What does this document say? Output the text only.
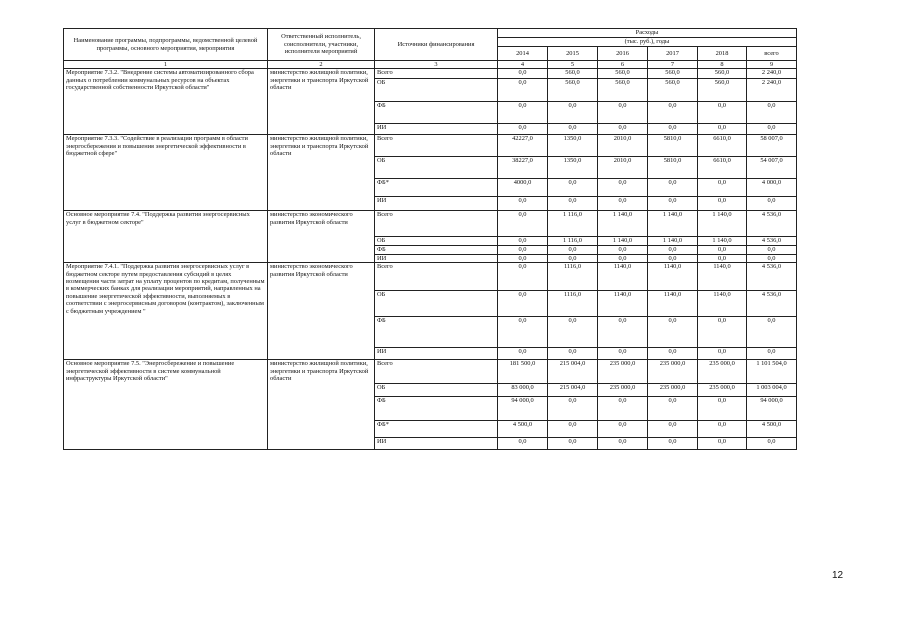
Наименование программы, подпрограммы, ведомственной целевой программы, основного мероприятия, мероприятия	Ответственный исполнитель, соисполнители, участники, исполнители мероприятий	Источники финансирования	Расходы					
			(тыс. руб.), годы					
			2014	2015	2016	2017	2018	всего
1	2	3	4	5	6	7	8	9
Мероприятие 7.3.2. "Внедрение системы автоматизированного сбора данных о потреблении коммунальных ресурсов на объектах государственной собственности Иркутской области"	министерство жилищной политики, энергетики и транспорта Иркутской области	Всего	0,0	560,0	560,0	560,0	560,0	2 240,0
		ОБ	0,0	560,0	560,0	560,0	560,0	2 240,0
		ФБ	0,0	0,0	0,0	0,0	0,0	0,0
		ИИ	0,0	0,0	0,0	0,0	0,0	0,0
Мероприятие 7.3.3. "Содействие в реализации программ в области энергосбережения и повышения энергетической эффективности в бюджетной сфере"	министерство жилищной политики, энергетики и транспорта Иркутской области	Всего	42227,0	1350,0	2010,0	5810,0	6610,0	58 007,0
		ОБ	38227,0	1350,0	2010,0	5810,0	6610,0	54 007,0
		ФБ*	4000,0	0,0	0,0	0,0	0,0	4 000,0
		ИИ	0,0	0,0	0,0	0,0	0,0	0,0
Основное мероприятие 7.4. "Поддержка развития энергосервисных услуг в бюджетном секторе"	министерство экономического развития Иркутской области	Всего	0,0	1 116,0	1 140,0	1 140,0	1 140,0	4 536,0
		ОБ	0,0	1 116,0	1 140,0	1 140,0	1 140,0	4 536,0
		ФБ	0,0	0,0	0,0	0,0	0,0	0,0
		ИИ	0,0	0,0	0,0	0,0	0,0	0,0
Мероприятие 7.4.1. "Поддержка развития энергосервисных услуг в бюджетном секторе путем предоставления субсидий в целях возмещения части затрат на уплату процентов по кредитам, полученным в коммерческих банках для реализации мероприятий, направленных на повышение энергетической эффективности, выполняемых в соответствии с энергосервисным договором (контрактом), заключенным с бюджетным учреждением "	министерство экономического развития Иркутской области	Всего	0,0	1116,0	1140,0	1140,0	1140,0	4 536,0
		ОБ	0,0	1116,0	1140,0	1140,0	1140,0	4 536,0
		ФБ	0,0	0,0	0,0	0,0	0,0	0,0
		ИИ	0,0	0,0	0,0	0,0	0,0	0,0
Основное мероприятие 7.5. "Энергосбережение и повышение энергетической эффективности в системе коммунальной инфраструктуры Иркутской области"	министерство жилищной политики, энергетики и транспорта Иркутской области	Всего	181 500,0	215 004,0	235 000,0	235 000,0	235 000,0	1 101 504,0
		ОБ	83 000,0	215 004,0	235 000,0	235 000,0	235 000,0	1 003 004,0
		ФБ	94 000,0	0,0	0,0	0,0	0,0	94 000,0
		ФБ*	4 500,0	0,0	0,0	0,0	0,0	4 500,0
		ИИ	0,0	0,0	0,0	0,0	0,0	0,0
12
